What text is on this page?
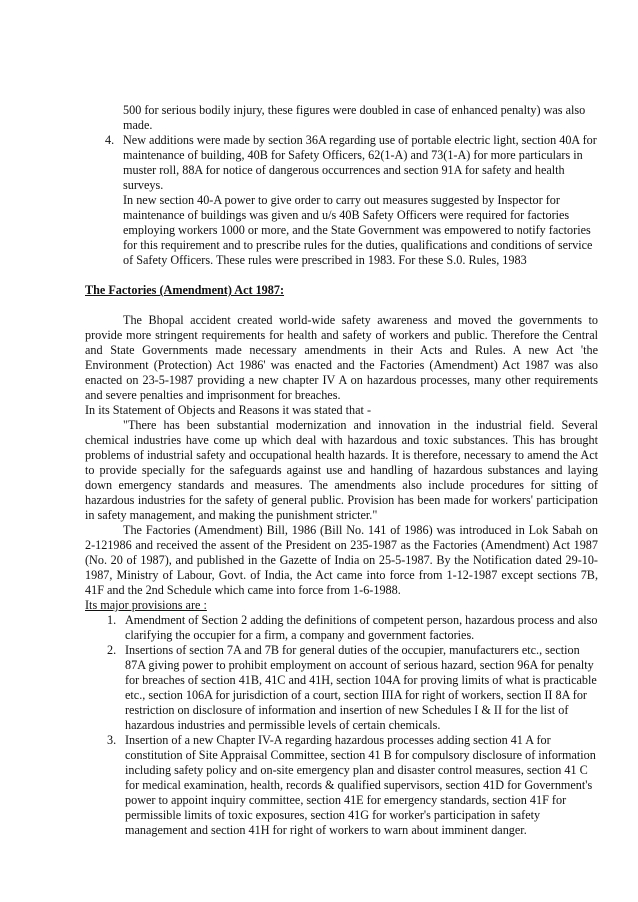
500 for serious bodily injury, these figures were doubled in case of enhanced penalty) was also made.

4. New additions were made by section 36A regarding use of portable electric light, section 40A for maintenance of building, 40B for Safety Officers, 62(1-A) and 73(1-A) for more particulars in muster roll, 88A for notice of dangerous occurrences and section 91A for safety and health surveys.

In new section 40-A power to give order to carry out measures suggested by Inspector for maintenance of buildings was given and u/s 40B Safety Officers were required for factories employing workers 1000 or more, and the State Government was empowered to notify factories for this requirement and to prescribe rules for the duties, qualifications and conditions of service of Safety Officers. These rules were prescribed in 1983. For these S.0. Rules, 1983

The Factories (Amendment) Act 1987:

The Bhopal accident created world-wide safety awareness and moved the governments to provide more stringent requirements for health and safety of workers and public. Therefore the Central and State Governments made necessary amendments in their Acts and Rules. A new Act 'the Environment (Protection) Act 1986' was enacted and the Factories (Amendment) Act 1987 was also enacted on 23-5-1987 providing a new chapter IV A on hazardous processes, many other requirements and severe penalties and imprisonment for breaches.

In its Statement of Objects and Reasons it was stated that -

"There has been substantial modernization and innovation in the industrial field. Several chemical industries have come up which deal with hazardous and toxic substances. This has brought problems of industrial safety and occupational health hazards. It is therefore, necessary to amend the Act to provide specially for the safeguards against use and handling of hazardous substances and laying down emergency standards and measures. The amendments also include procedures for sitting of hazardous industries for the safety of general public. Provision has been made for workers' participation in safety management, and making the punishment stricter."

The Factories (Amendment) Bill, 1986 (Bill No. 141 of 1986) was introduced in Lok Sabah on 2-121986 and received the assent of the President on 235-1987 as the Factories (Amendment) Act 1987 (No. 20 of 1987), and published in the Gazette of India on 25-5-1987. By the Notification dated 29-10-1987, Ministry of Labour, Govt. of India, the Act came into force from 1-12-1987 except sections 7B, 41F and the 2nd Schedule which came into force from 1-6-1988.

Its major provisions are :

1. Amendment of Section 2 adding the definitions of competent person, hazardous process and also clarifying the occupier for a firm, a company and government factories.

2. Insertions of section 7A and 7B for general duties of the occupier, manufacturers etc., section 87A giving power to prohibit employment on account of serious hazard, section 96A for penalty for breaches of section 41B, 41C and 41H, section 104A for proving limits of what is practicable etc., section 106A for jurisdiction of a court, section IIIA for right of workers, section II 8A for restriction on disclosure of information and insertion of new Schedules I & II for the list of hazardous industries and permissible levels of certain chemicals.

3. Insertion of a new Chapter IV-A regarding hazardous processes adding section 41 A for constitution of Site Appraisal Committee, section 41 B for compulsory disclosure of information including safety policy and on-site emergency plan and disaster control measures, section 41 C for medical examination, health, records & qualified supervisors, section 41D for Government's power to appoint inquiry committee, section 41E for emergency standards, section 41F for permissible limits of toxic exposures, section 41G for worker's participation in safety management and section 41H for right of workers to warn about imminent danger.
